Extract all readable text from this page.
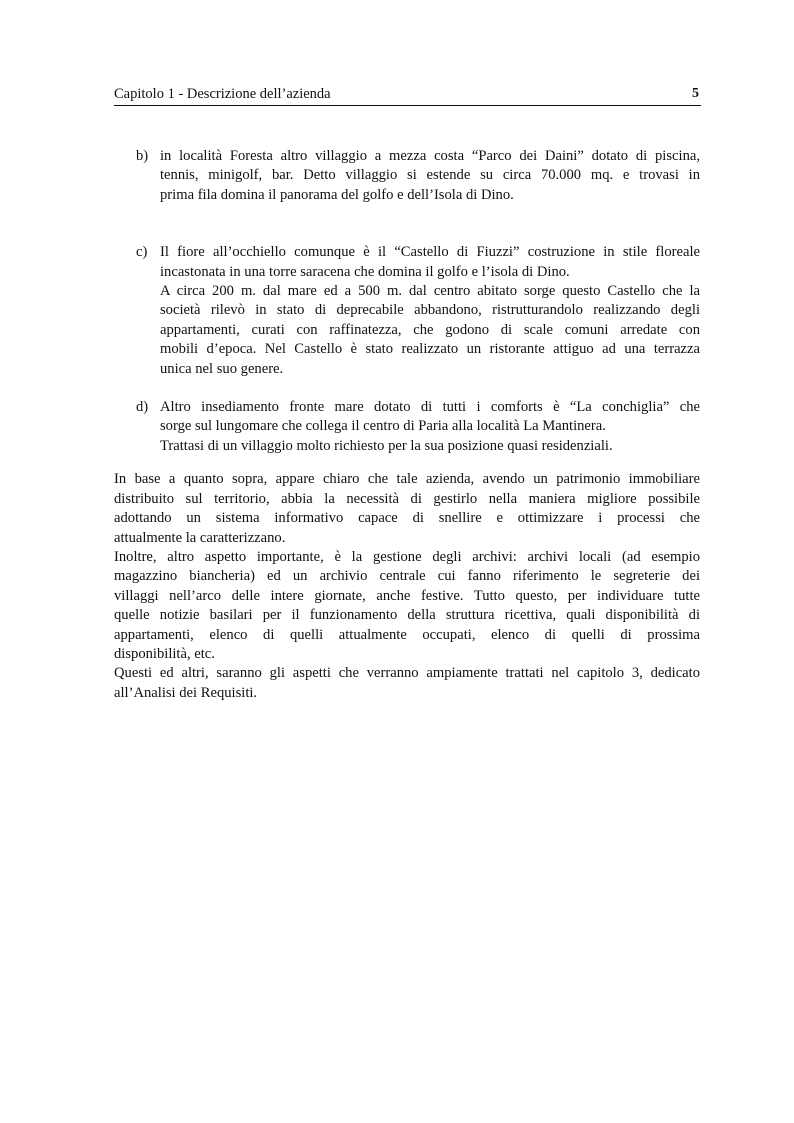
Capitolo 1 - Descrizione dell’azienda	5
b) in località Foresta altro villaggio a mezza costa “Parco dei Daini” dotato di piscina,
tennis, minigolf, bar. Detto villaggio si estende su circa 70.000 mq. e trovasi in
prima fila domina il panorama del golfo e dell’Isola di Dino.
c) Il fiore all’occhiello comunque è il “Castello di Fiuzzi” costruzione in stile floreale
incastonata in una torre saracena che domina il golfo e l’isola di Dino.
A circa 200 m. dal mare ed a 500 m. dal centro abitato sorge questo Castello che la
società rilevò in stato di deprecabile abbandono, ristrutturandolo realizzando degli
appartamenti, curati con raffinatezza, che godono di scale comuni arredate con
mobili d’epoca. Nel Castello è stato realizzato un ristorante attiguo ad una terrazza
unica nel suo genere.
d) Altro insediamento fronte mare dotato di tutti i comforts è “La conchiglia” che
sorge sul lungomare che collega il centro di Paria alla località La Mantinera.
Trattasi di un villaggio molto richiesto per la sua posizione quasi residenziali.
In base a quanto sopra, appare chiaro che tale azienda, avendo un patrimonio immobiliare
distribuito sul territorio, abbia la necessità di gestirlo nella maniera migliore possibile
adottando un sistema informativo capace di snellire e ottimizzare i processi che
attualmente la caratterizzano.
Inoltre, altro aspetto importante, è la gestione degli archivi: archivi locali (ad esempio
magazzino biancheria) ed un archivio centrale cui fanno riferimento le segreterie dei
villaggi nell’arco delle intere giornate, anche festive. Tutto questo, per individuare tutte
quelle notizie basilari per il funzionamento della struttura ricettiva, quali disponibilità di
appartamenti, elenco di quelli attualmente occupati, elenco di quelli di prossima
disponibilità, etc.
Questi ed altri, saranno gli aspetti che verranno ampiamente trattati nel capitolo 3, dedicato
all’Analisi dei Requisiti.
